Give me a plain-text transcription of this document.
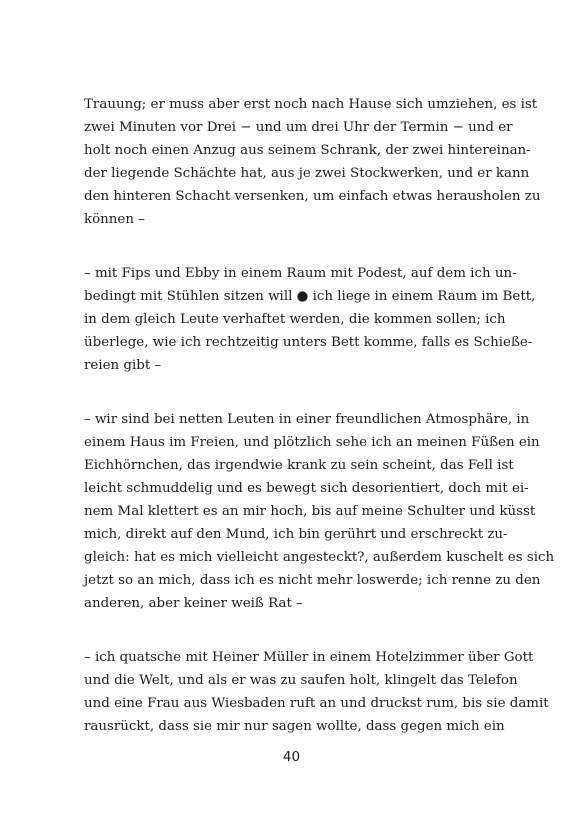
Trauung; er muss aber erst noch nach Hause sich umziehen, es ist

zwei Minuten vor Drei − und um drei Uhr der Termin − und er

holt noch einen Anzug aus seinem Schrank, der zwei hintereinan-

der liegende Schächte hat, aus je zwei Stockwerken, und er kann

den hinteren Schacht versenken, um einfach etwas herausholen zu

können –

– mit Fips und Ebby in einem Raum mit Podest, auf dem ich un-

bedingt mit Stühlen sitzen will ● ich liege in einem Raum im Bett,

in dem gleich Leute verhaftet werden, die kommen sollen; ich

überlege, wie ich rechtzeitig unters Bett komme, falls es Schieße-

reien gibt –

– wir sind bei netten Leuten in einer freundlichen Atmosphäre, in

einem Haus im Freien, und plötzlich sehe ich an meinen Füßen ein

Eichhörnchen, das irgendwie krank zu sein scheint, das Fell ist

leicht schmuddelig und es bewegt sich desorientiert, doch mit ei-

nem Mal klettert es an mir hoch, bis auf meine Schulter und küsst

mich, direkt auf den Mund, ich bin gerührt und erschreckt zu-

gleich: hat es mich vielleicht angesteckt?, außerdem kuschelt es sich

jetzt so an mich, dass ich es nicht mehr loswerde; ich renne zu den

anderen, aber keiner weiß Rat –

– ich quatsche mit Heiner Müller in einem Hotelzimmer über Gott

und die Welt, und als er was zu saufen holt, klingelt das Telefon

und eine Frau aus Wiesbaden ruft an und druckst rum, bis sie damit

rausrückt, dass sie mir nur sagen wollte, dass gegen mich ein

40
